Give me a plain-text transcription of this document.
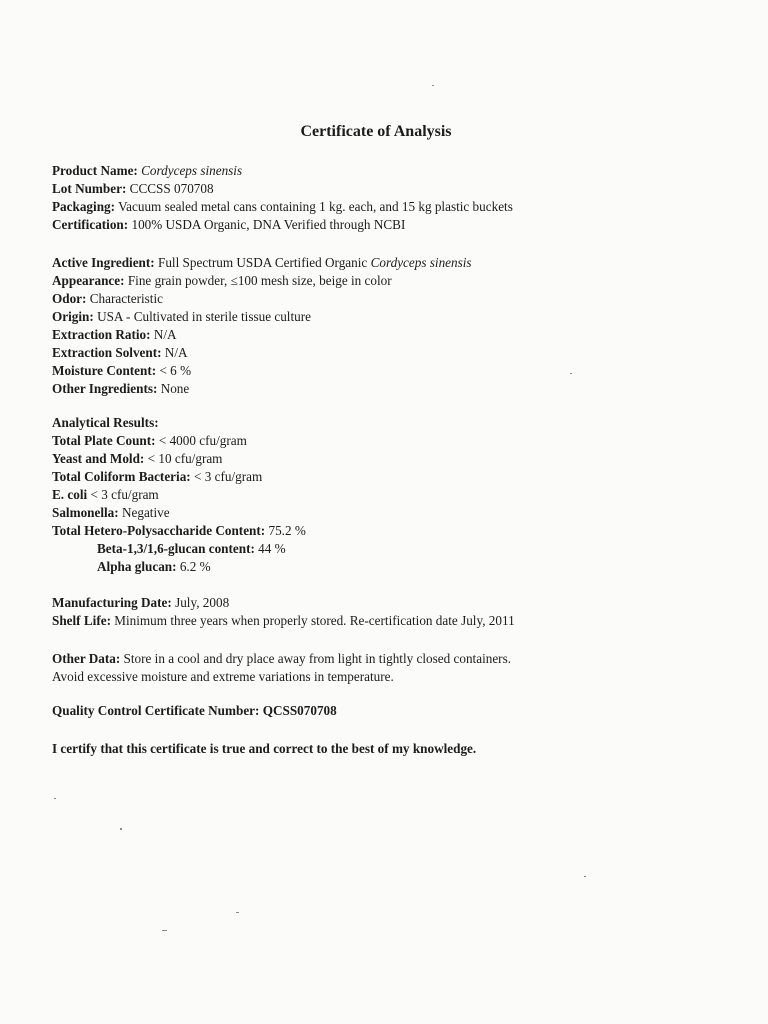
Certificate of Analysis
Product Name: Cordyceps sinensis
Lot Number: CCCSS 070708
Packaging: Vacuum sealed metal cans containing 1 kg. each, and 15 kg plastic buckets
Certification: 100% USDA Organic, DNA Verified through NCBI
Active Ingredient: Full Spectrum USDA Certified Organic Cordyceps sinensis
Appearance: Fine grain powder, ≤100 mesh size, beige in color
Odor: Characteristic
Origin: USA - Cultivated in sterile tissue culture
Extraction Ratio: N/A
Extraction Solvent: N/A
Moisture Content: < 6 %
Other Ingredients: None
Analytical Results:
Total Plate Count: < 4000 cfu/gram
Yeast and Mold: < 10 cfu/gram
Total Coliform Bacteria: < 3 cfu/gram
E. coli < 3 cfu/gram
Salmonella: Negative
Total Hetero-Polysaccharide Content: 75.2 %
Beta-1,3/1,6-glucan content: 44 %
Alpha glucan: 6.2 %
Manufacturing Date: July, 2008
Shelf Life: Minimum three years when properly stored. Re-certification date July, 2011
Other Data: Store in a cool and dry place away from light in tightly closed containers.
Avoid excessive moisture and extreme variations in temperature.
Quality Control Certificate Number: QCSS070708
I certify that this certificate is true and correct to the best of my knowledge.
